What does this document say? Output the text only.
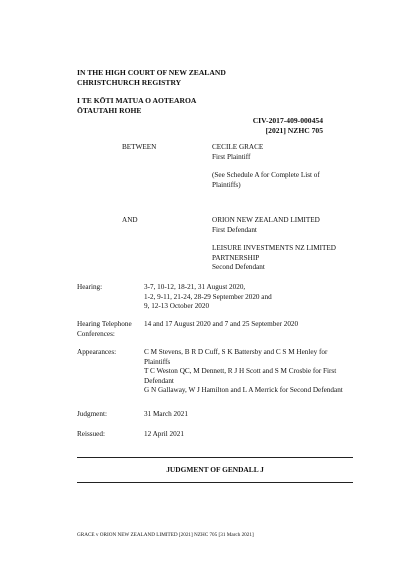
IN THE HIGH COURT OF NEW ZEALAND
CHRISTCHURCH REGISTRY
I TE KŌTI MATUA O AOTEAROA
ŌTAUTAHI ROHE
CIV-2017-409-000454
[2021] NZHC 705
BETWEEN	CECILE GRACE

First Plaintiff

(See Schedule A for Complete List of Plaintiffs)

AND	ORION NEW ZEALAND LIMITED

First Defendant

LEISURE INVESTMENTS NZ LIMITED PARTNERSHIP

Second Defendant

Hearing:	3-7, 10-12, 18-21, 31 August 2020,

1-2, 9-11, 21-24, 28-29 September 2020 and

9, 12-13 October 2020

Hearing Telephone Conferences:
14 and 17 August 2020 and 7 and 25 September 2020
Appearances:	C M Stevens, B R D Cuff, S K Battersby and C S M Henley for Plaintiffs

T C Weston QC, M Dennett, R J H Scott and S M Crosbie for First Defendant

G N Gallaway, W J Hamilton and L A Merrick for Second Defendant

Judgment:	31 March 2021
Reissued:	12 April 2021
JUDGMENT OF GENDALL J
GRACE v ORION NEW ZEALAND LIMITED [2021] NZHC 705 [31 March 2021]
